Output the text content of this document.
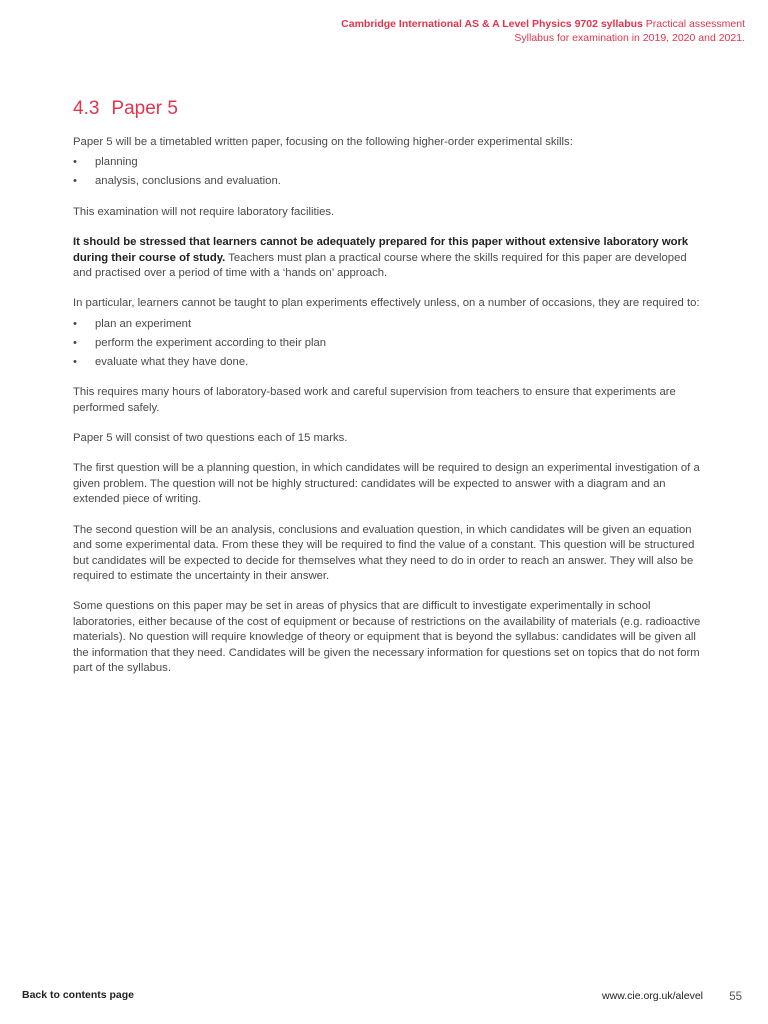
Cambridge International AS & A Level Physics 9702 syllabus Practical assessment
Syllabus for examination in 2019, 2020 and 2021.
4.3 Paper 5

Paper 5 will be a timetabled written paper, focusing on the following higher-order experimental skills:

• planning
• analysis, conclusions and evaluation.

This examination will not require laboratory facilities.

It should be stressed that learners cannot be adequately prepared for this paper without extensive laboratory work during their course of study. Teachers must plan a practical course where the skills required for this paper are developed and practised over a period of time with a ‘hands on’ approach.

In particular, learners cannot be taught to plan experiments effectively unless, on a number of occasions, they are required to:

• plan an experiment
• perform the experiment according to their plan
• evaluate what they have done.

This requires many hours of laboratory-based work and careful supervision from teachers to ensure that experiments are performed safely.

Paper 5 will consist of two questions each of 15 marks.

The first question will be a planning question, in which candidates will be required to design an experimental investigation of a given problem. The question will not be highly structured: candidates will be expected to answer with a diagram and an extended piece of writing.

The second question will be an analysis, conclusions and evaluation question, in which candidates will be given an equation and some experimental data. From these they will be required to find the value of a constant. This question will be structured but candidates will be expected to decide for themselves what they need to do in order to reach an answer. They will also be required to estimate the uncertainty in their answer.

Some questions on this paper may be set in areas of physics that are difficult to investigate experimentally in school laboratories, either because of the cost of equipment or because of restrictions on the availability of materials (e.g. radioactive materials). No question will require knowledge of theory or equipment that is beyond the syllabus: candidates will be given all the information that they need. Candidates will be given the necessary information for questions set on topics that do not form part of the syllabus.

Back to contents page	www.cie.org.uk/alevel 55
